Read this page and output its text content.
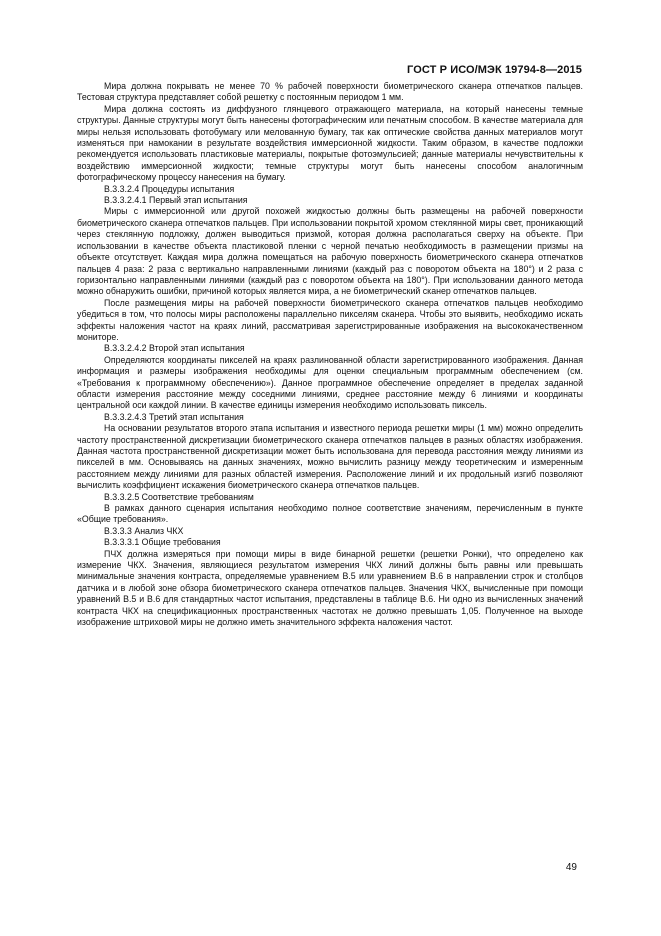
ГОСТ Р ИСО/МЭК 19794-8—2015

Мира должна покрывать не менее 70 % рабочей поверхности биометрического сканера отпечатков пальцев. Тестовая структура представляет собой решетку с постоянным периодом 1 мм.

Мира должна состоять из диффузного глянцевого отражающего материала, на который нанесены темные структуры. Данные структуры могут быть нанесены фотографическим или печатным способом. В качестве материала для миры нельзя использовать фотобумагу или мелованную бумагу, так как оптические свойства данных материалов могут изменяться при намокании в результате воздействия иммерсионной жидкости. Таким образом, в качестве подложки рекомендуется использовать пластиковые материалы, покрытые фотоэмульсией; данные материалы нечувствительны к воздействию иммерсионной жидкости; темные структуры могут быть нанесены способом аналогичным фотографическому процессу нанесения на бумагу.

В.3.3.2.4 Процедуры испытания

В.3.3.2.4.1 Первый этап испытания

Миры с иммерсионной или другой похожей жидкостью должны быть размещены на рабочей поверхности биометрического сканера отпечатков пальцев. При использовании покрытой хромом стеклянной миры свет, проникающий через стеклянную подложку, должен выводиться призмой, которая должна располагаться сверху на объекте. При использовании в качестве объекта пластиковой пленки с черной печатью необходимость в размещении призмы на объекте отсутствует. Каждая мира должна помещаться на рабочую поверхность биометрического сканера отпечатков пальцев 4 раза: 2 раза с вертикально направленными линиями (каждый раз с поворотом объекта на 180°) и 2 раза с горизонтально направленными линиями (каждый раз с поворотом объекта на 180°). При использовании данного метода можно обнаружить ошибки, причиной которых является мира, а не биометрический сканер отпечатков пальцев.

После размещения миры на рабочей поверхности биометрического сканера отпечатков пальцев необходимо убедиться в том, что полосы миры расположены параллельно пикселям сканера. Чтобы это выявить, необходимо искать эффекты наложения частот на краях линий, рассматривая зарегистрированные изображения на высококачественном мониторе.

В.3.3.2.4.2 Второй этап испытания

Определяются координаты пикселей на краях разлинованной области зарегистрированного изображения. Данная информация и размеры изображения необходимы для оценки специальным программным обеспечением (см. «Требования к программному обеспечению»). Данное программное обеспечение определяет в пределах заданной области измерения расстояние между соседними линиями, среднее расстояние между 6 линиями и координаты центральной оси каждой линии. В качестве единицы измерения необходимо использовать пиксель.

В.3.3.2.4.3 Третий этап испытания

На основании результатов второго этапа испытания и известного периода решетки миры (1 мм) можно определить частоту пространственной дискретизации биометрического сканера отпечатков пальцев в разных областях изображения. Данная частота пространственной дискретизации может быть использована для перевода расстояния между линиями из пикселей в мм. Основываясь на данных значениях, можно вычислить разницу между теоретическим и измеренным расстоянием между линиями для разных областей измерения. Расположение линий и их продольный изгиб позволяют вычислить коэффициент искажения биометрического сканера отпечатков пальцев.

В.3.3.2.5 Соответствие требованиям

В рамках данного сценария испытания необходимо полное соответствие значениям, перечисленным в пункте «Общие требования».

В.3.3.3 Анализ ЧКХ

В.3.3.3.1 Общие требования

ПЧХ должна измеряться при помощи миры в виде бинарной решетки (решетки Ронки), что определено как измерение ЧКХ. Значения, являющиеся результатом измерения ЧКХ линий должны быть равны или превышать минимальные значения контраста, определяемые уравнением В.5 или уравнением В.6 в направлении строк и столбцов датчика и в любой зоне обзора биометрического сканера отпечатков пальцев. Значения ЧКХ, вычисленные при помощи уравнений В.5 и В.6 для стандартных частот испытания, представлены в таблице В.6. Ни одно из вычисленных значений контраста ЧКХ на спецификационных пространственных частотах не должно превышать 1,05. Полученное на выходе изображение штриховой миры не должно иметь значительного эффекта наложения частот.

49
